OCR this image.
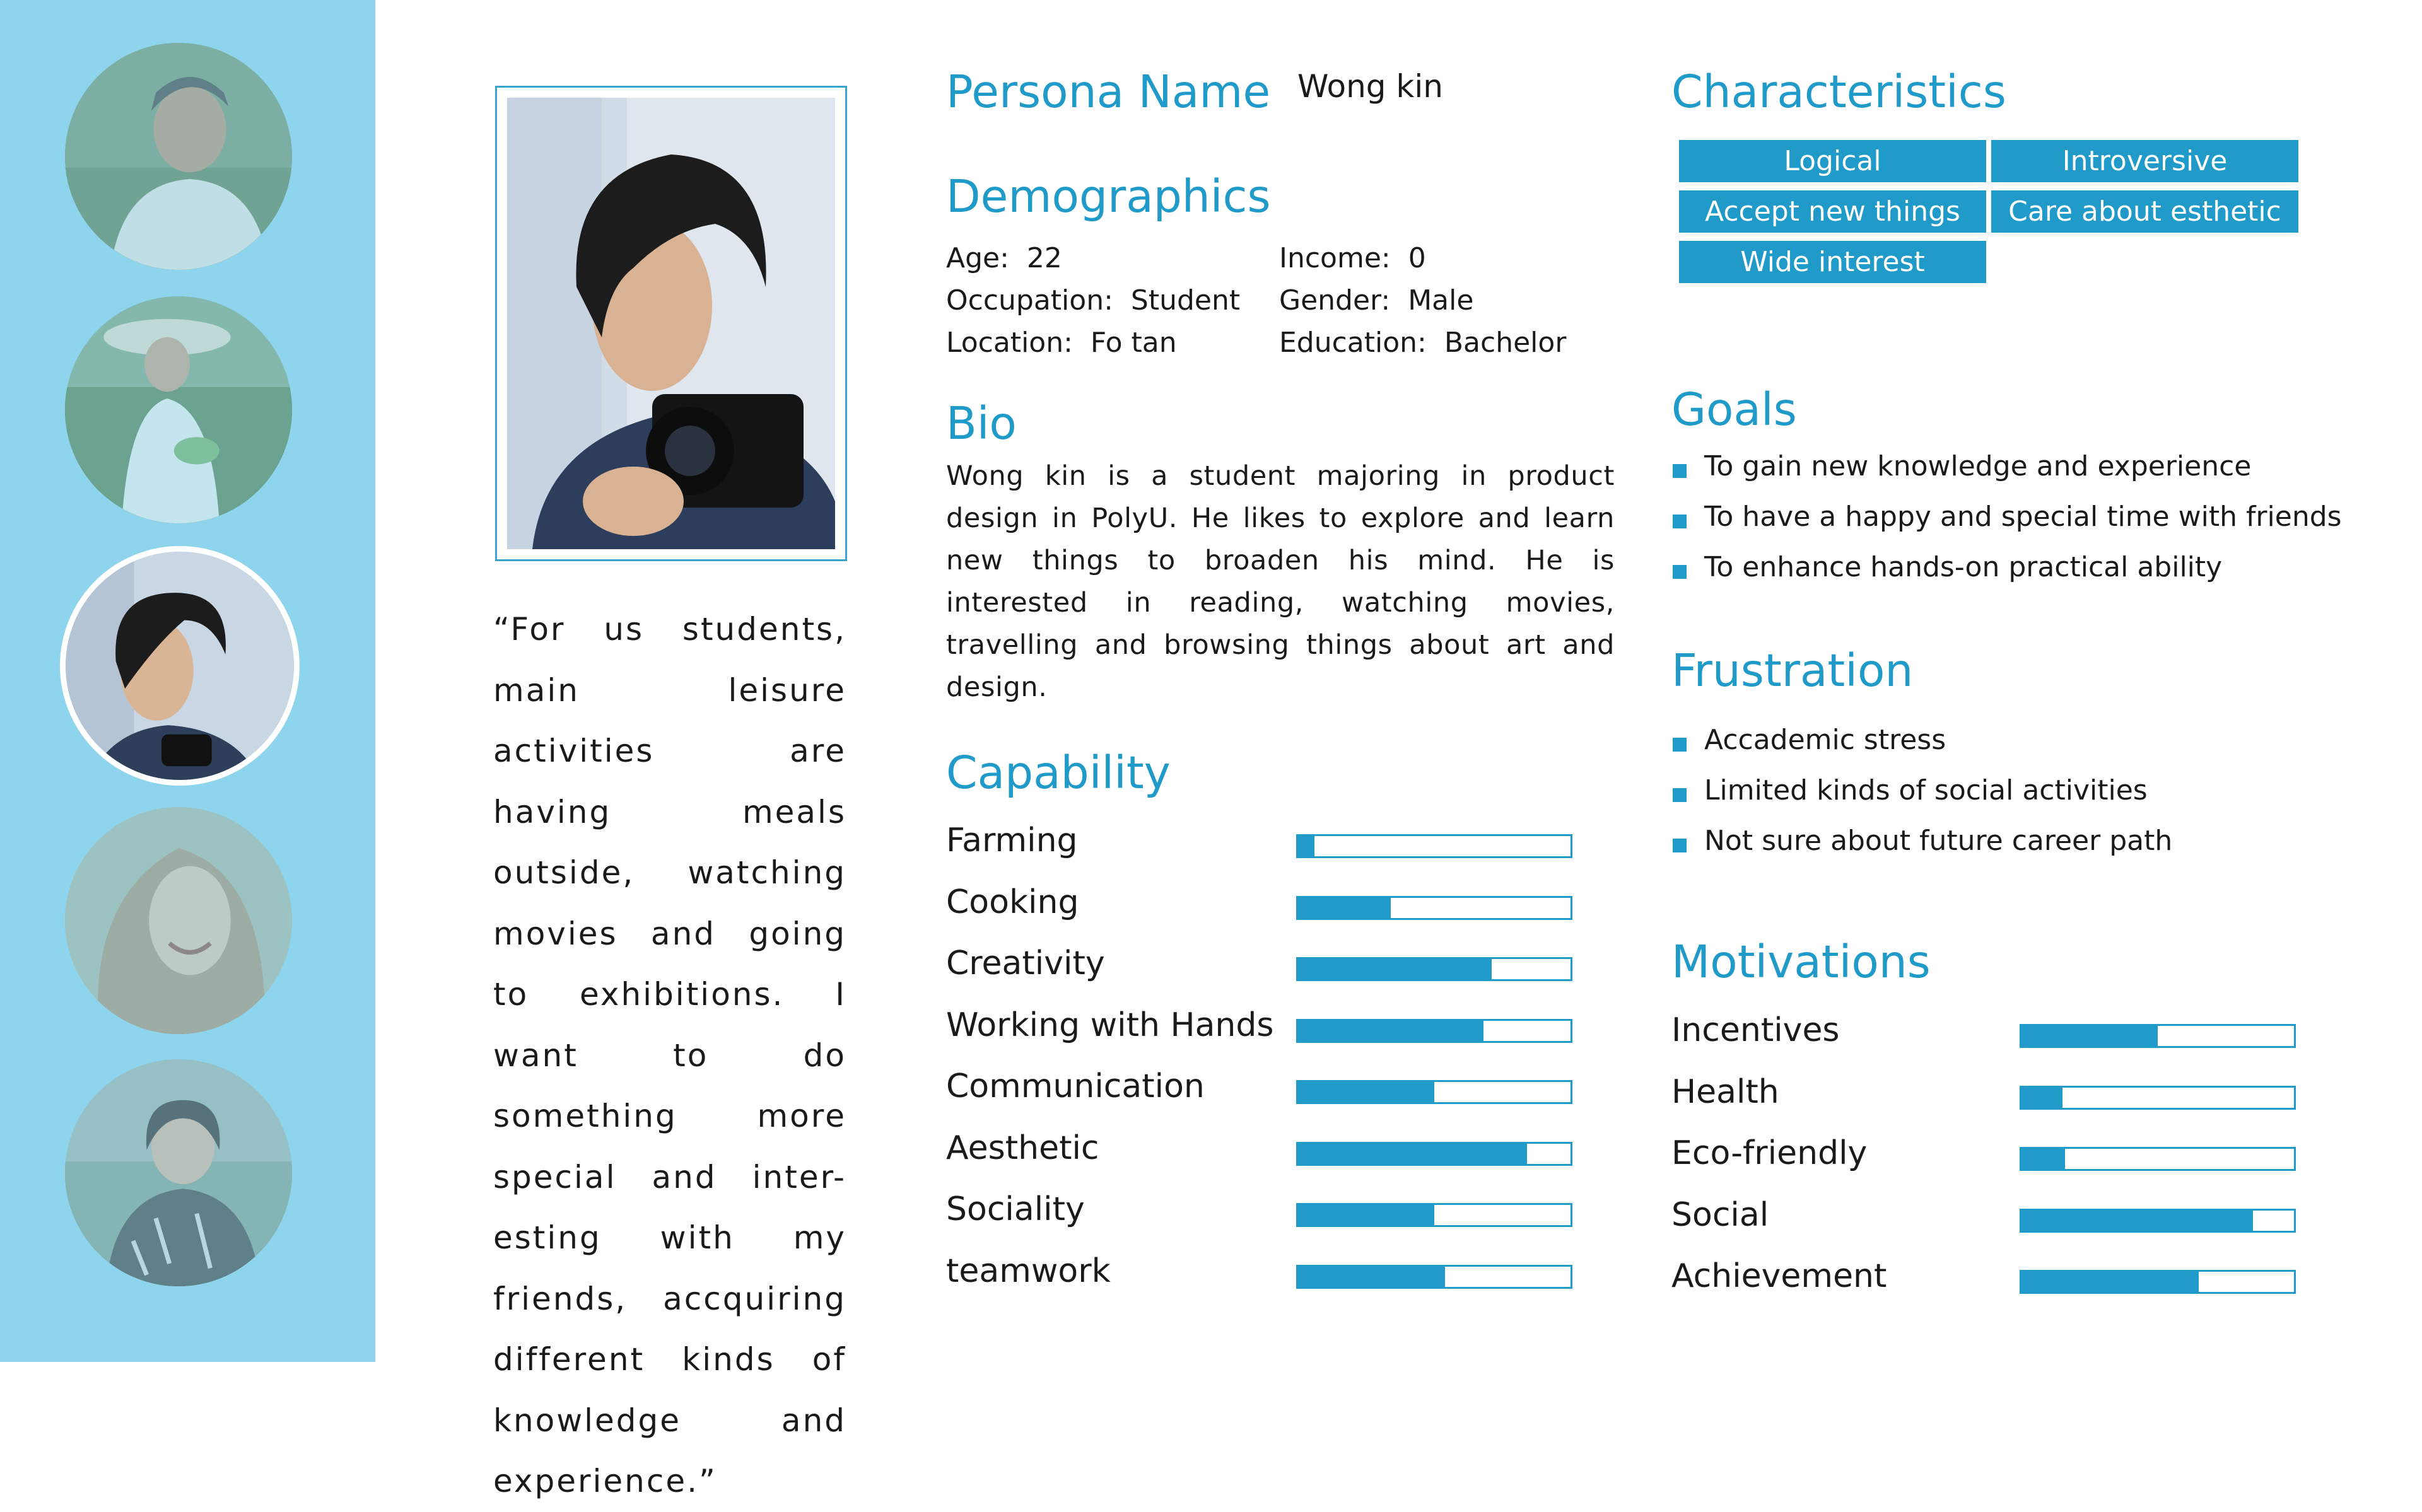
“For us students, main leisure activities are having meals outside, watching movies and going to exhibitions. I want to do something more special and inter-esting with my friends, accquiring different kinds of knowledge and experience.”
Persona Name Wong kin
Demographics
Age: 22
Occupation: Student
Location: Fo tan
Income: 0
Gender: Male
Education: Bachelor
Bio
Wong kin is a student majoring in product design in PolyU. He likes to explore and learn new things to broaden his mind. He is interested in reading, watching movies, travelling and browsing things about art and design.
Capability
Farming
Cooking
Creativity
Working with Hands
Communication
Aesthetic
Sociality
teamwork
Characteristics
Logical	Introversive
Accept new things	Care about esthetic
Wide interest
Goals
To gain new knowledge and experience
To have a happy and special time with friends
To enhance hands-on practical ability
Frustration
Accademic stress
Limited kinds of social activities
Not sure about future career path
Motivations
Incentives
Health
Eco-friendly
Social
Achievement
